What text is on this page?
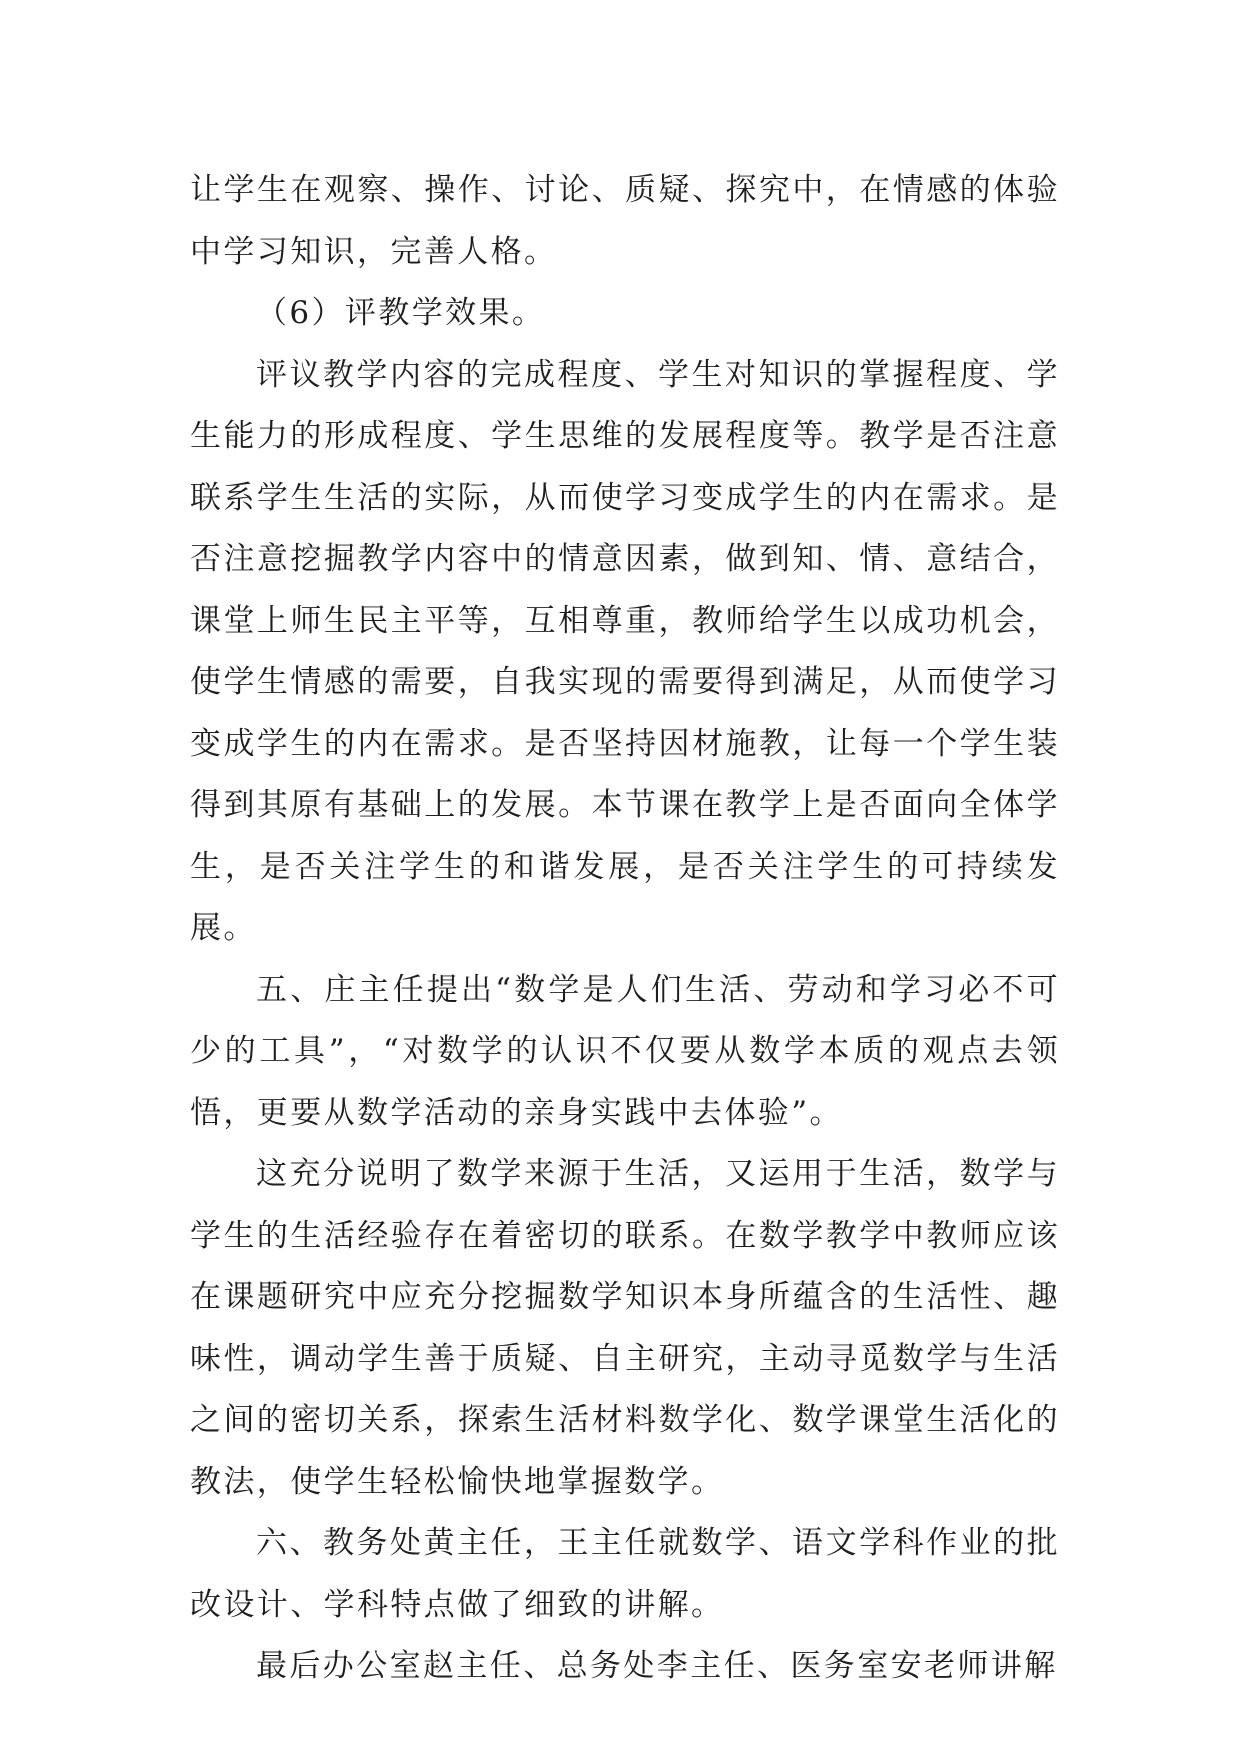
让学生在观察、操作、讨论、质疑、探究中，在情感的体验中学习知识，完善人格。

（6）评教学效果。

评议教学内容的完成程度、学生对知识的掌握程度、学生能力的形成程度、学生思维的发展程度等。教学是否注意联系学生生活的实际，从而使学习变成学生的内在需求。是否注意挖掘教学内容中的情意因素，做到知、情、意结合，课堂上师生民主平等，互相尊重，教师给学生以成功机会，使学生情感的需要，自我实现的需要得到满足，从而使学习变成学生的内在需求。是否坚持因材施教，让每一个学生装得到其原有基础上的发展。本节课在教学上是否面向全体学生，是否关注学生的和谐发展，是否关注学生的可持续发展。

五、庄主任提出“数学是人们生活、劳动和学习必不可少的工具”，“对数学的认识不仅要从数学本质的观点去领悟，更要从数学活动的亲身实践中去体验”。

这充分说明了数学来源于生活，又运用于生活，数学与学生的生活经验存在着密切的联系。在数学教学中教师应该在课题研究中应充分挖掘数学知识本身所蕴含的生活性、趣味性，调动学生善于质疑、自主研究，主动寻觅数学与生活之间的密切关系，探索生活材料数学化、数学课堂生活化的教法，使学生轻松愉快地掌握数学。

六、教务处黄主任，王主任就数学、语文学科作业的批改设计、学科特点做了细致的讲解。

最后办公室赵主任、总务处李主任、医务室安老师讲解
